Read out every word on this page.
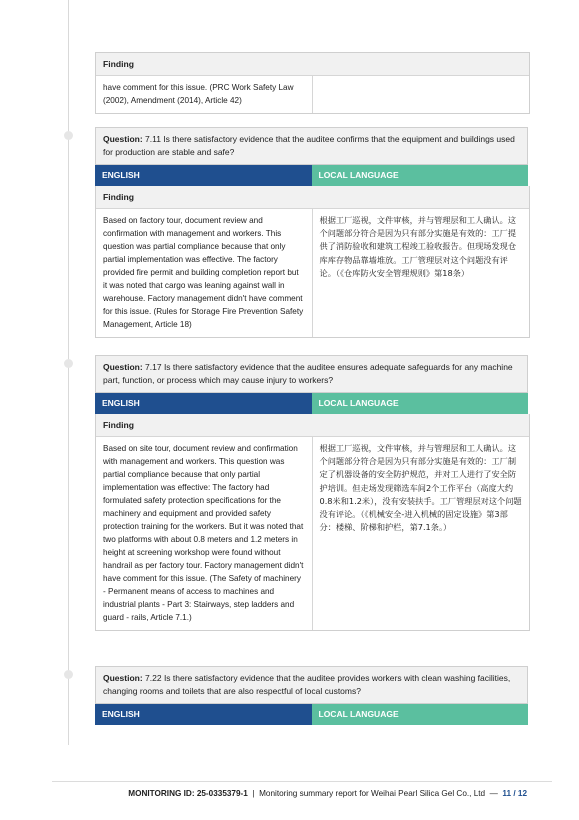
Finding
have comment for this issue. (PRC Work Safety Law (2002), Amendment (2014), Article 42)
Question: 7.11 Is there satisfactory evidence that the auditee confirms that the equipment and buildings used for production are stable and safe?
ENGLISH	LOCAL LANGUAGE
Finding
Based on factory tour, document review and confirmation with management and workers. This question was partial compliance because that only partial implementation was effective. The factory provided fire permit and building completion report but it was noted that cargo was leaning against wall in warehouse. Factory management didn't have comment for this issue. (Rules for Storage Fire Prevention Safety Management, Article 18)
根据工厂巡视，文件审核，并与管理层和工人确认。这个问题部分符合是因为只有部分实施是有效的：工厂提供了消防验收和建筑工程竣工验收报告。但现场发现仓库库存物品靠墙堆放。工厂管理层对这个问题没有评论。（《仓库防火安全管理规则》第18条）
Question: 7.17 Is there satisfactory evidence that the auditee ensures adequate safeguards for any machine part, function, or process which may cause injury to workers?
ENGLISH	LOCAL LANGUAGE
Finding
Based on site tour, document review and confirmation with management and workers. This question was partial compliance because that only partial implementation was effective: The factory had formulated safety protection specifications for the machinery and equipment and provided safety protection training for the workers. But it was noted that two platforms with about 0.8 meters and 1.2 meters in height at screening workshop were found without handrail as per factory tour. Factory management didn't have comment for this issue. (The Safety of machinery - Permanent means of access to machines and industrial plants - Part 3: Stairways, step ladders and guard - rails, Article 7.1.)
根据工厂巡视，文件审核，并与管理层和工人确认。这个问题部分符合是因为只有部分实施是有效的：工厂制定了机器设备的安全防护规范，并对工人进行了安全防护培训。但走场发现筛选车间2个工作平台（高度大约0.8米和1.2米），没有安装扶手。工厂管理层对这个问题没有评论。（《机械安全-进入机械的固定设施》第3部分：楼梯、阶梯和护栏，第7.1条。）
Question: 7.22 Is there satisfactory evidence that the auditee provides workers with clean washing facilities, changing rooms and toilets that are also respectful of local customs?
ENGLISH	LOCAL LANGUAGE
MONITORING ID: 25-0335379-1 | Monitoring summary report for Weihai Pearl Silica Gel Co., Ltd — 11 / 12
